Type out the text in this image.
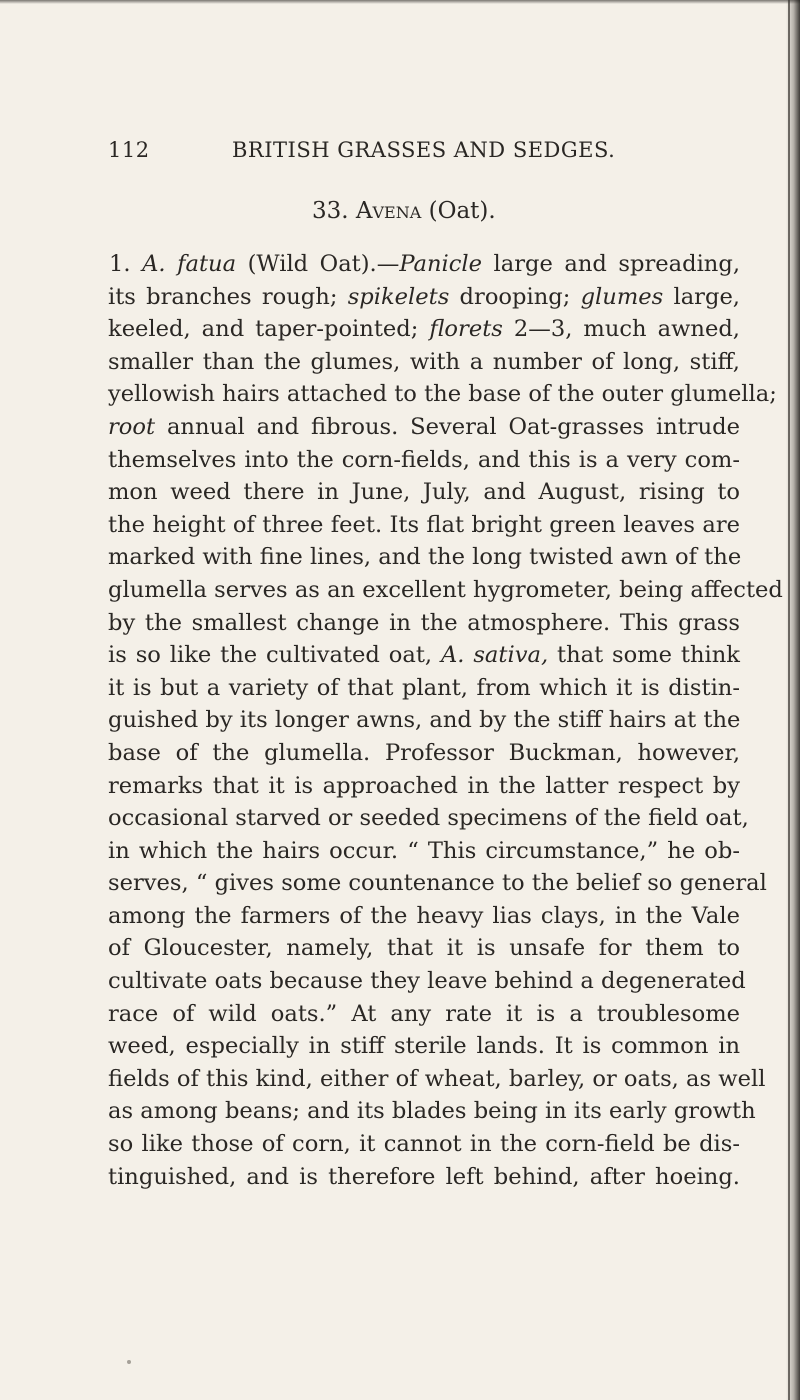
112	BRITISH GRASSES AND SEDGES.
33. Avena (Oat).
1. A. fatua (Wild Oat).—Panicle large and spreading,
its branches rough; spikelets drooping; glumes large,
keeled, and taper-pointed; florets 2—3, much awned,
smaller than the glumes, with a number of long, stiff,
yellowish hairs attached to the base of the outer glumella;
root annual and fibrous. Several Oat-grasses intrude
themselves into the corn-fields, and this is a very com-
mon weed there in June, July, and August, rising to
the height of three feet. Its flat bright green leaves are
marked with fine lines, and the long twisted awn of the
glumella serves as an excellent hygrometer, being affected
by the smallest change in the atmosphere. This grass
is so like the cultivated oat, A. sativa, that some think
it is but a variety of that plant, from which it is distin-
guished by its longer awns, and by the stiff hairs at the
base of the glumella. Professor Buckman, however,
remarks that it is approached in the latter respect by
occasional starved or seeded specimens of the field oat,
in which the hairs occur. “ This circumstance,” he ob-
serves, “ gives some countenance to the belief so general
among the farmers of the heavy lias clays, in the Vale
of Gloucester, namely, that it is unsafe for them to
cultivate oats because they leave behind a degenerated
race of wild oats.” At any rate it is a troublesome
weed, especially in stiff sterile lands. It is common in
fields of this kind, either of wheat, barley, or oats, as well
as among beans; and its blades being in its early growth
so like those of corn, it cannot in the corn-field be dis-
tinguished, and is therefore left behind, after hoeing.
